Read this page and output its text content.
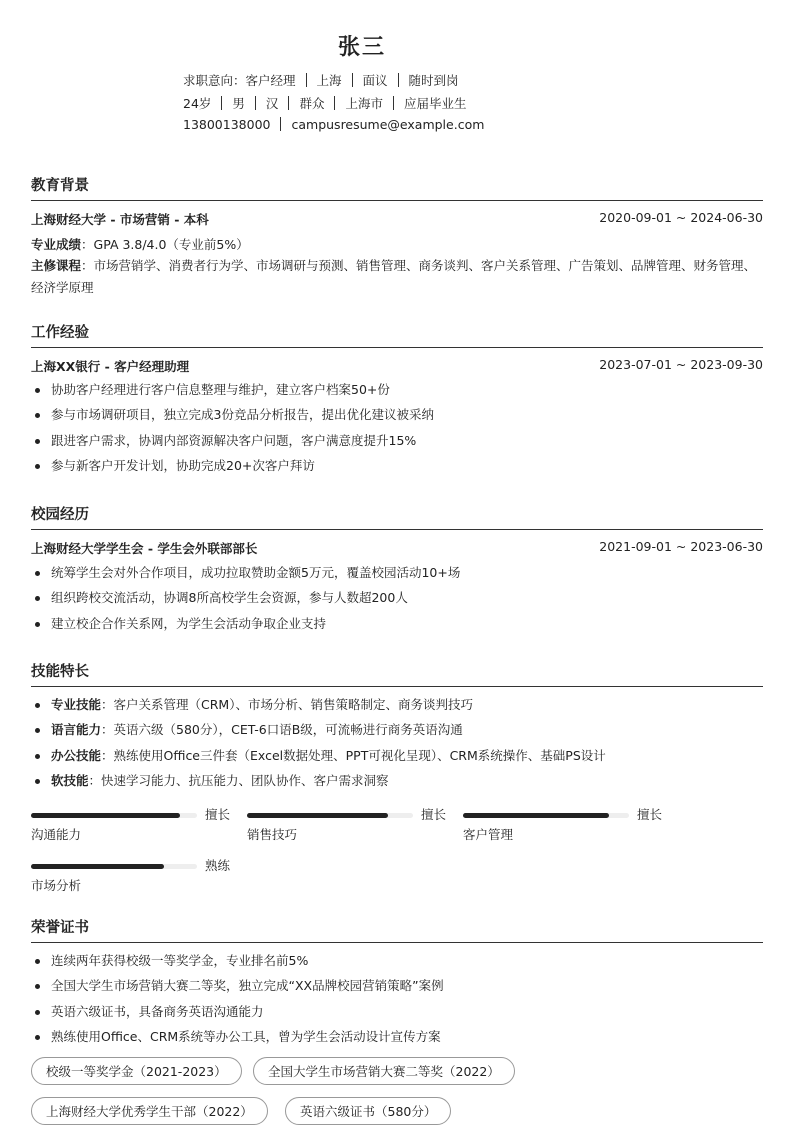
张三
求职意向：客户经理 上海 面议 随时到岗
24岁 男 汉 群众 上海市 应届毕业生
13800138000 campusresume@example.com
教育背景
上海财经大学 - 市场营销 - 本科	2020-09-01 ~ 2024-06-30
专业成绩：GPA 3.8/4.0（专业前5%）
主修课程：市场营销学、消费者行为学、市场调研与预测、销售管理、商务谈判、客户关系管理、广告策划、品牌管理、财务管理、经济学原理
工作经验
上海XX银行 - 客户经理助理	2023-07-01 ~ 2023-09-30
协助客户经理进行客户信息整理与维护，建立客户档案50+份
参与市场调研项目，独立完成3份竞品分析报告，提出优化建议被采纳
跟进客户需求，协调内部资源解决客户问题，客户满意度提升15%
参与新客户开发计划，协助完成20+次客户拜访
校园经历
上海财经大学学生会 - 学生会外联部部长	2021-09-01 ~ 2023-06-30
统筹学生会对外合作项目，成功拉取赞助金额5万元，覆盖校园活动10+场
组织跨校交流活动，协调8所高校学生会资源，参与人数超200人
建立校企合作关系网，为学生会活动争取企业支持
技能特长
专业技能：客户关系管理（CRM）、市场分析、销售策略制定、商务谈判技巧
语言能力：英语六级（580分），CET-6口语B级，可流畅进行商务英语沟通
办公技能：熟练使用Office三件套（Excel数据处理、PPT可视化呈现）、CRM系统操作、基础PS设计
软技能：快速学习能力、抗压能力、团队协作、客户需求洞察
擅长
沟通能力
擅长
销售技巧
擅长
客户管理
熟练
市场分析
荣誉证书
连续两年获得校级一等奖学金，专业排名前5%
全国大学生市场营销大赛二等奖，独立完成“XX品牌校园营销策略”案例
英语六级证书，具备商务英语沟通能力
熟练使用Office、CRM系统等办公工具，曾为学生会活动设计宣传方案
校级一等奖学金（2021-2023）	全国大学生市场营销大赛二等奖（2022）
上海财经大学优秀学生干部（2022）	英语六级证书（580分）
